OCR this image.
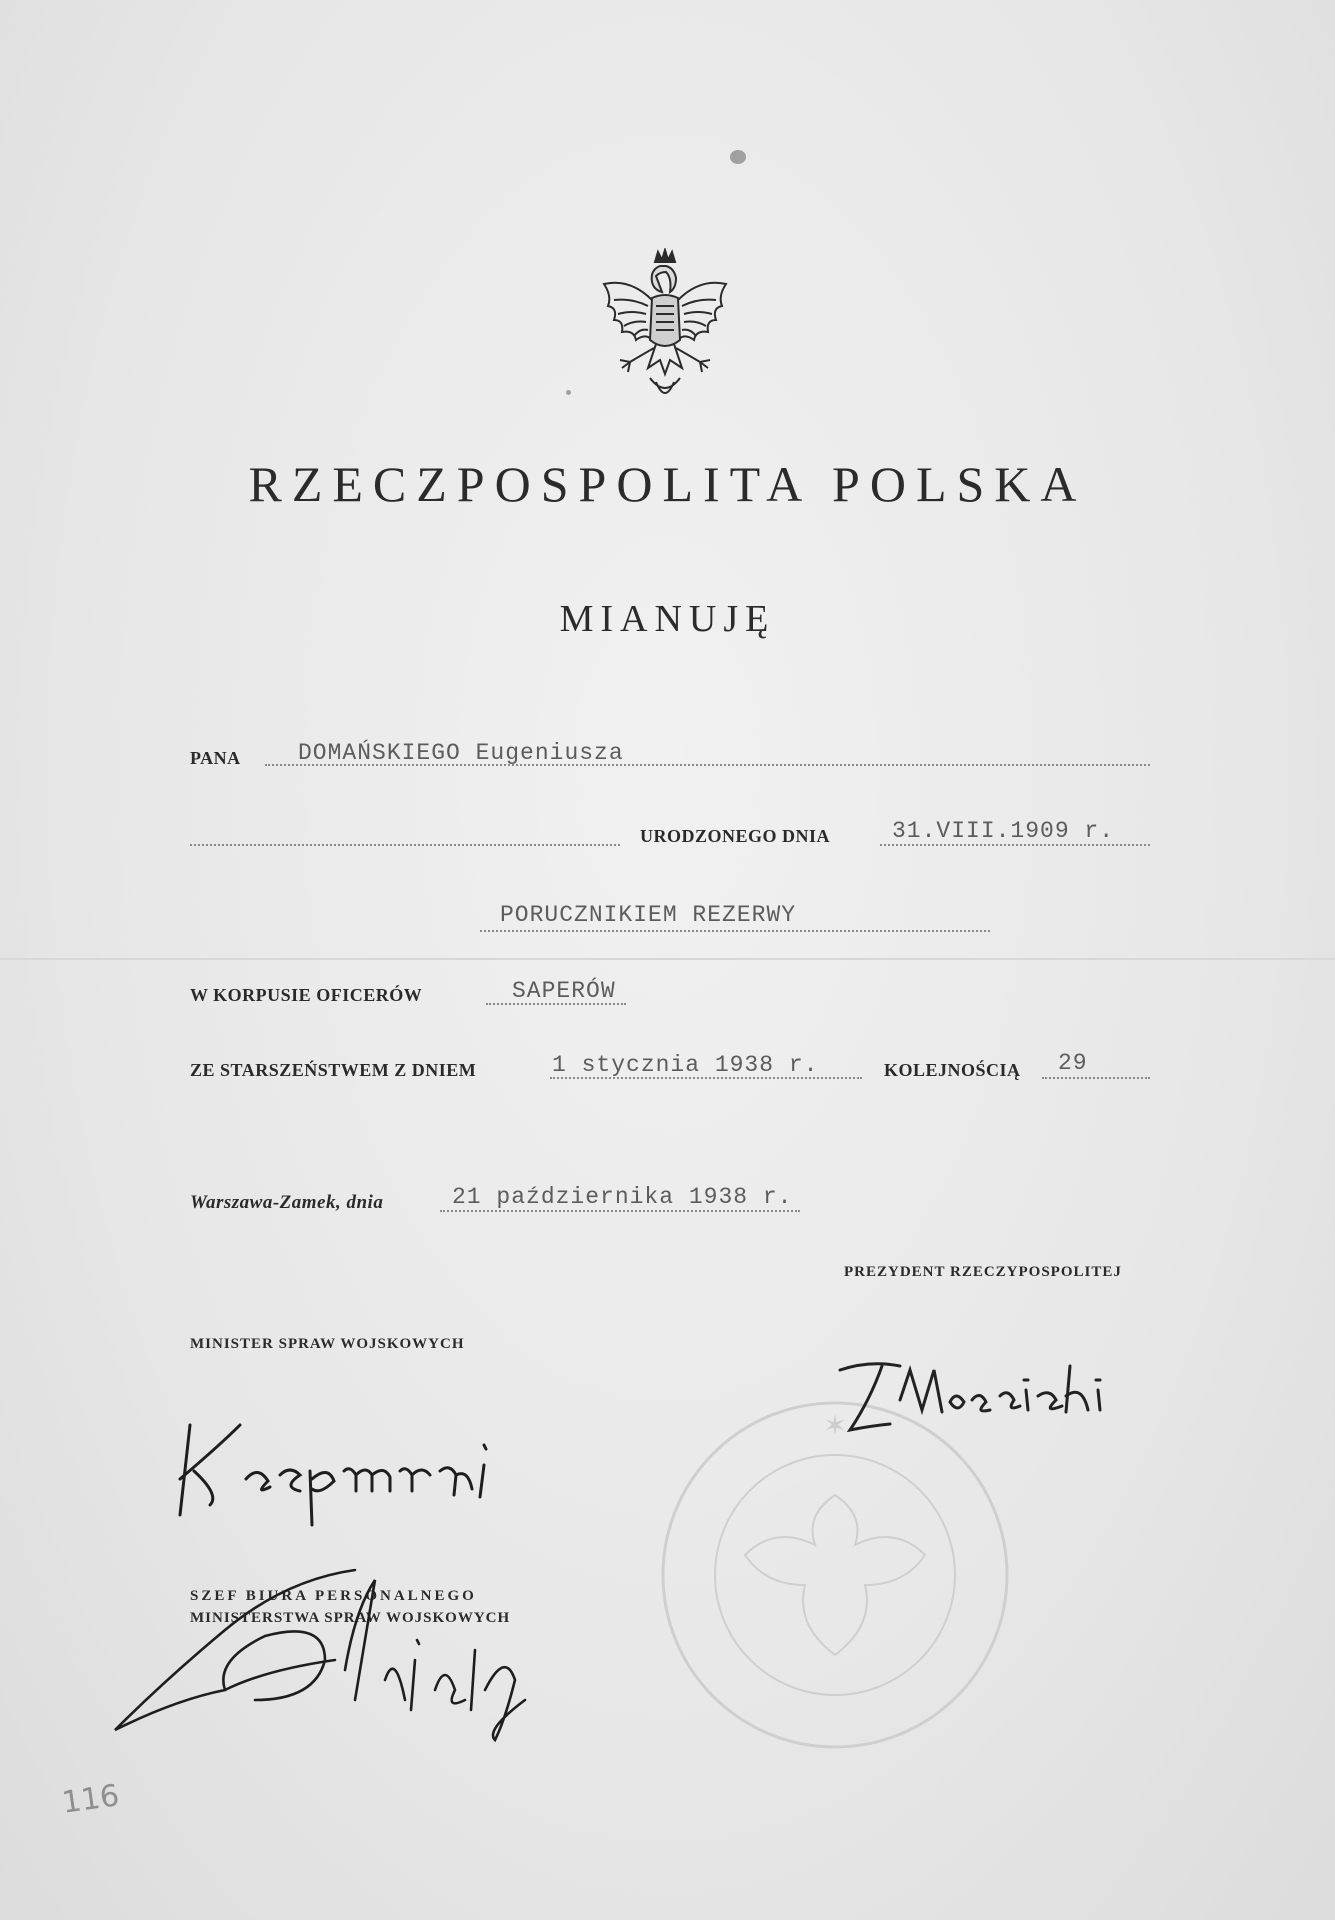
RZECZPOSPOLITA POLSKA
MIANUJĘ
PANA DOMAŃSKIEGO Eugeniusza
URODZONEGO DNIA	31.VIII.1909 r.
PORUCZNIKIEM REZERWY
W KORPUSIE OFICERÓW	SAPERÓW
ZE STARSZEŃSTWEM Z DNIEM	1 stycznia 1938 r.	KOLEJNOŚCIĄ 29
Warszawa-Zamek, dnia	21 października 1938 r.
PREZYDENT RZECZYPOSPOLITEJ
MINISTER SPRAW WOJSKOWYCH
SZEF BIURA PERSONALNEGO
MINISTERSTWA SPRAW WOJSKOWYCH
✶
116
